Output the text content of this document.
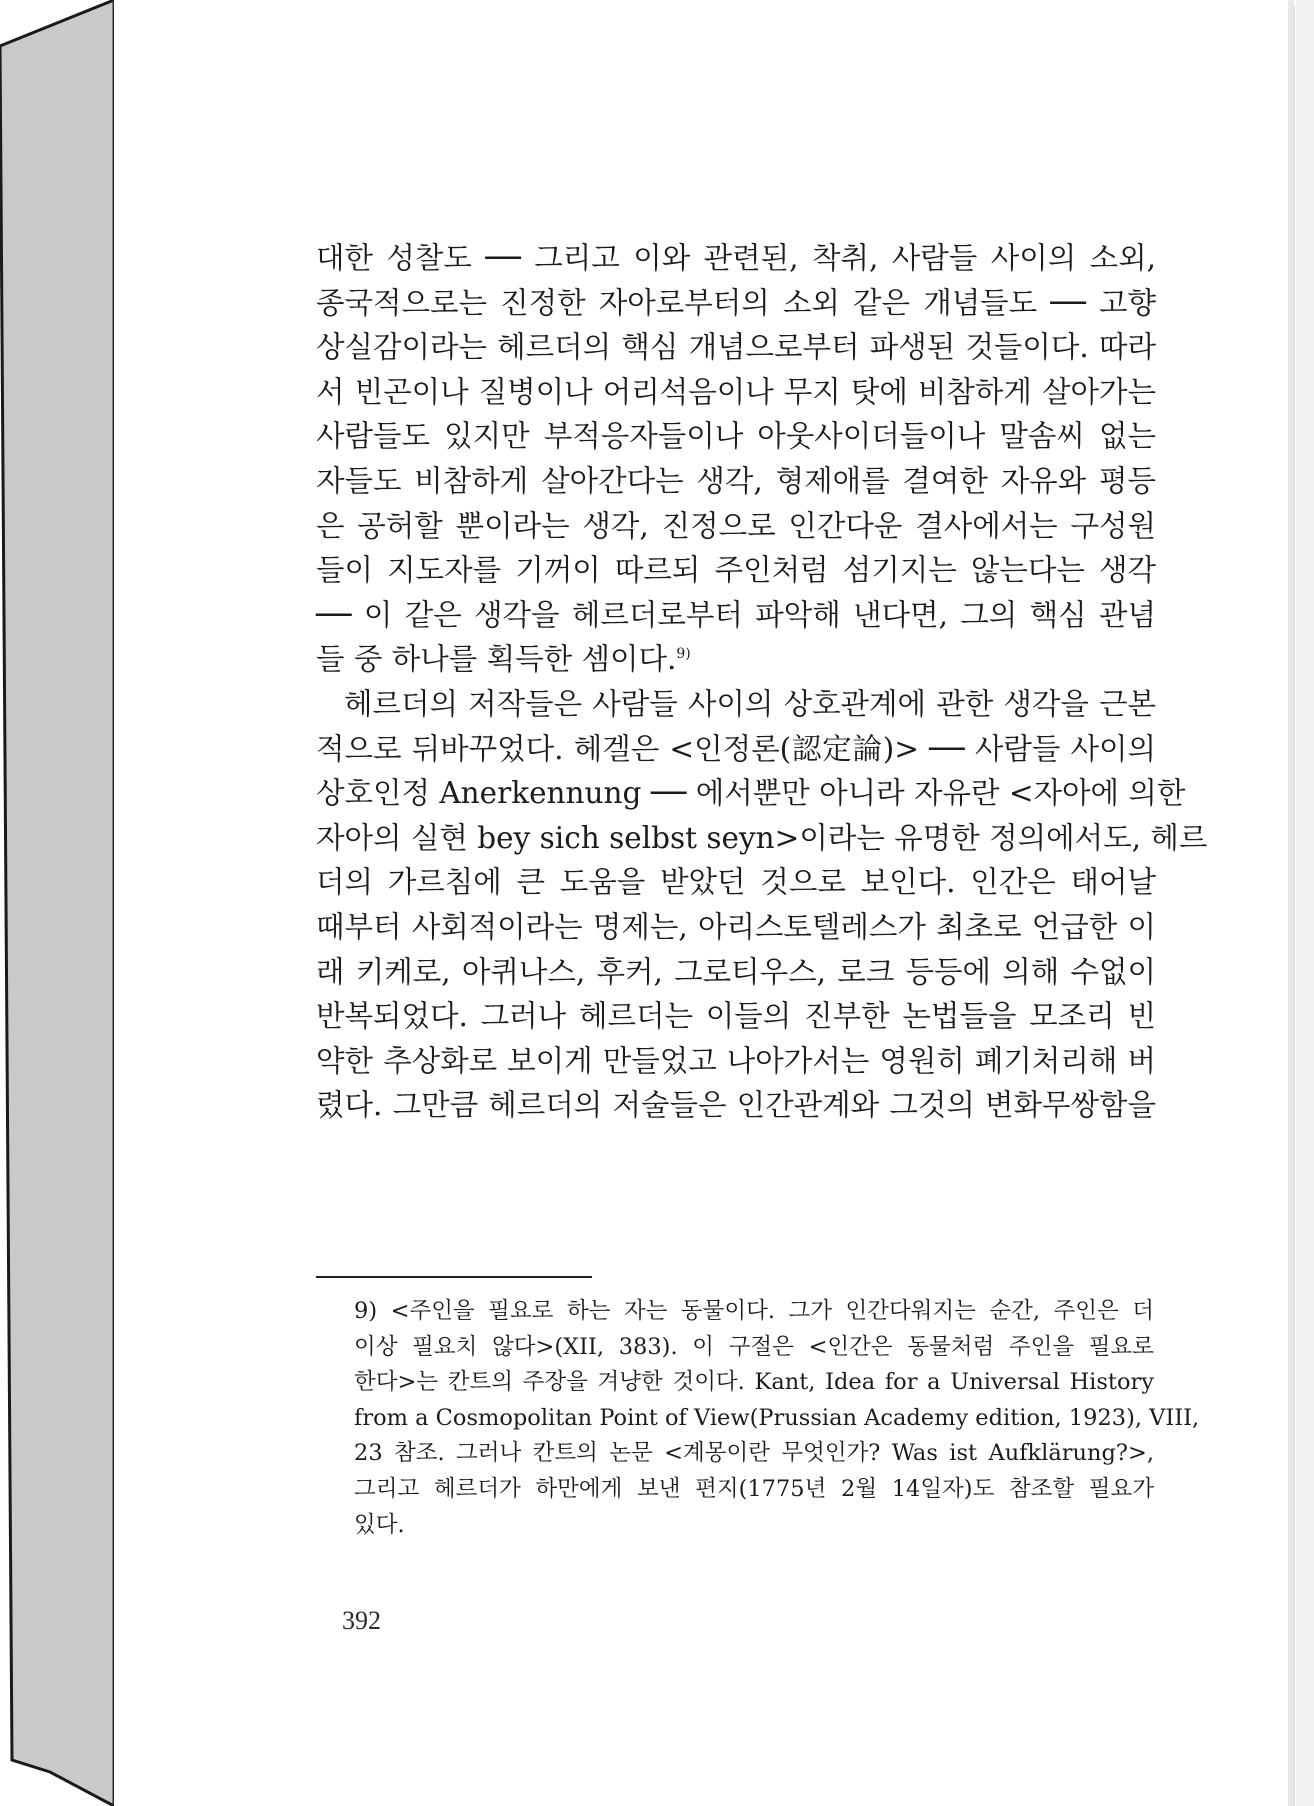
대한 성찰도 ── 그리고 이와 관련된, 착취, 사람들 사이의 소외,
종국적으로는 진정한 자아로부터의 소외 같은 개념들도 ── 고향
상실감이라는 헤르더의 핵심 개념으로부터 파생된 것들이다. 따라
서 빈곤이나 질병이나 어리석음이나 무지 탓에 비참하게 살아가는
사람들도 있지만 부적응자들이나 아웃사이더들이나 말솜씨 없는
자들도 비참하게 살아간다는 생각, 형제애를 결여한 자유와 평등
은 공허할 뿐이라는 생각, 진정으로 인간다운 결사에서는 구성원
들이 지도자를 기꺼이 따르되 주인처럼 섬기지는 않는다는 생각
── 이 같은 생각을 헤르더로부터 파악해 낸다면, 그의 핵심 관념
들 중 하나를 획득한 셈이다.$^{9)}$
헤르더의 저작들은 사람들 사이의 상호관계에 관한 생각을 근본
적으로 뒤바꾸었다. 헤겔은 <인정론(認定論)> ── 사람들 사이의
상호인정 Anerkennung ── 에서뿐만 아니라 자유란 <자아에 의한
자아의 실현 bey sich selbst seyn>이라는 유명한 정의에서도, 헤르
더의 가르침에 큰 도움을 받았던 것으로 보인다. 인간은 태어날
때부터 사회적이라는 명제는, 아리스토텔레스가 최초로 언급한 이
래 키케로, 아퀴나스, 후커, 그로티우스, 로크 등등에 의해 수없이
반복되었다. 그러나 헤르더는 이들의 진부한 논법들을 모조리 빈
약한 추상화로 보이게 만들었고 나아가서는 영원히 폐기처리해 버
렸다. 그만큼 헤르더의 저술들은 인간관계와 그것의 변화무쌍함을
9) <주인을 필요로 하는 자는 동물이다. 그가 인간다워지는 순간, 주인은 더
이상 필요치 않다>(XII, 383). 이 구절은 <인간은 동물처럼 주인을 필요로
한다>는 칸트의 주장을 겨냥한 것이다. Kant, Idea for a Universal History
from a Cosmopolitan Point of View(Prussian Academy edition, 1923), VIII,
23 참조. 그러나 칸트의 논문 <계몽이란 무엇인가? Was ist Aufklärung?>,
그리고 헤르더가 하만에게 보낸 편지(1775년 2월 14일자)도 참조할 필요가
있다.
392
